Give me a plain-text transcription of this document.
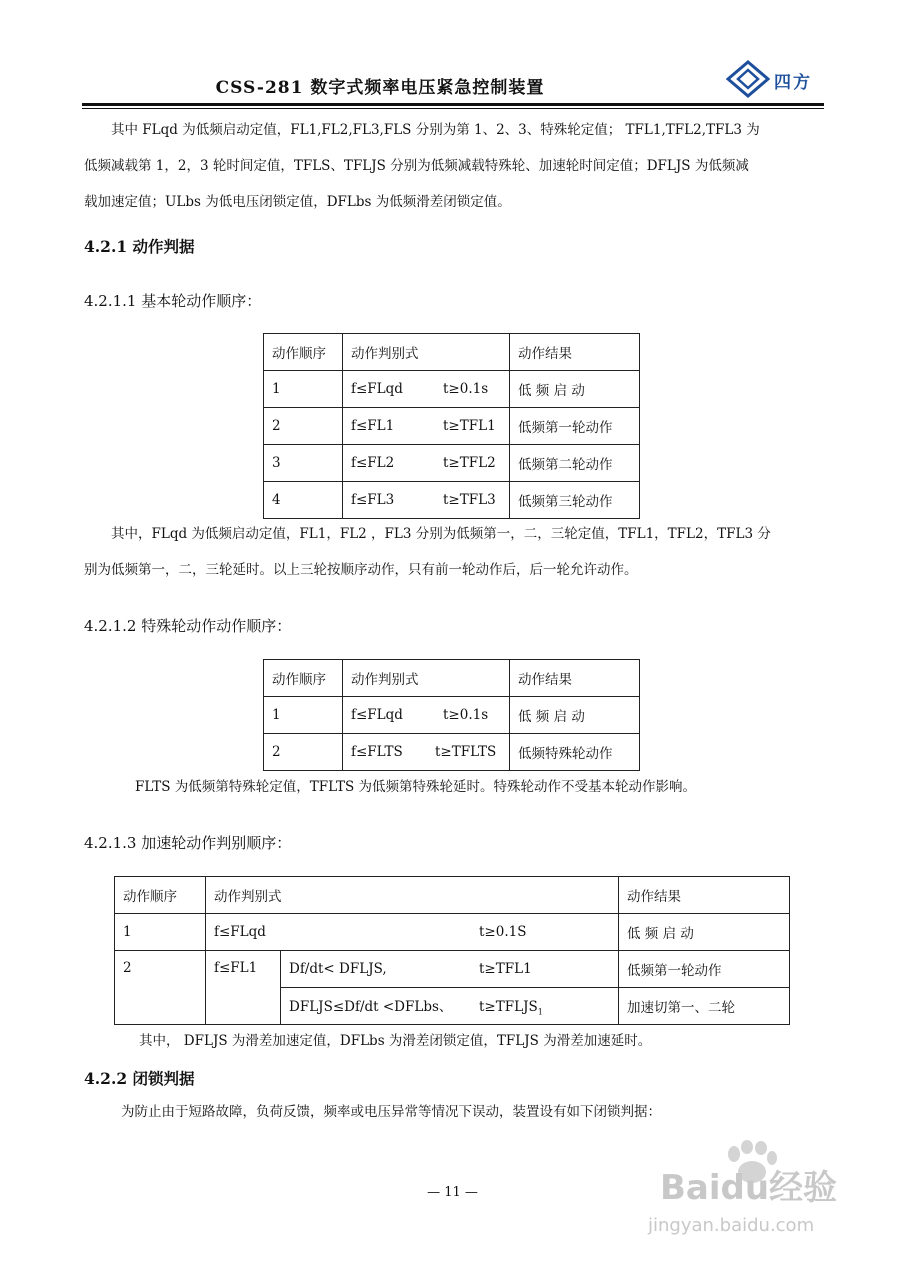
CSS-281 数字式频率电压紧急控制装置	四方

其中 FLqd 为低频启动定值，FL1,FL2,FL3,FLS 分别为第 1、2、3、特殊轮定值； TFL1,TFL2,TFL3 为

低频减载第 1，2，3 轮时间定值，TFLS、TFLJS 分别为低频减载特殊轮、加速轮时间定值；DFLJS 为低频减

载加速定值；ULbs 为低电压闭锁定值，DFLbs 为低频滑差闭锁定值。

4.2.1 动作判据
4.2.1.1 基本轮动作顺序：
动作顺序	动作判别式	动作结果
1	f≤FLqd t≥0.1s	低 频 启 动
2	f≤FL1 t≥TFL1	低频第一轮动作
3	f≤FL2 t≥TFL2	低频第二轮动作
4	f≤FL3 t≥TFL3	低频第三轮动作

其中，FLqd 为低频启动定值，FL1，FL2 ，FL3 分别为低频第一，二，三轮定值，TFL1，TFL2，TFL3 分

别为低频第一，二，三轮延时。以上三轮按顺序动作，只有前一轮动作后，后一轮允许动作。

4.2.1.2 特殊轮动作动作顺序：
动作顺序	动作判别式	动作结果
1	f≤FLqd t≥0.1s	低 频 启 动
2	f≤FLTS t≥TFLTS	低频特殊轮动作
FLTS 为低频第特殊轮定值，TFLTS 为低频第特殊轮延时。特殊轮动作不受基本轮动作影响。
4.2.1.3 加速轮动作判别顺序：
动作顺序	动作判别式		动作结果
1	f≤FLqd t≥0.1S		低 频 启 动
2	f≤FL1	Df/dt< DFLJS, t≥TFL1	低频第一轮动作
		DFLJS≤Df/dt <DFLbs、 $t\ge TFLJS_1$	加速切第一、二轮
其中， DFLJS 为滑差加速定值，DFLbs 为滑差闭锁定值，TFLJS 为滑差加速延时。
4.2.2 闭锁判据
为防止由于短路故障，负荷反馈，频率或电压异常等情况下误动，装置设有如下闭锁判据：
— 11 —	Baidu经验
jingyan.baidu.com
